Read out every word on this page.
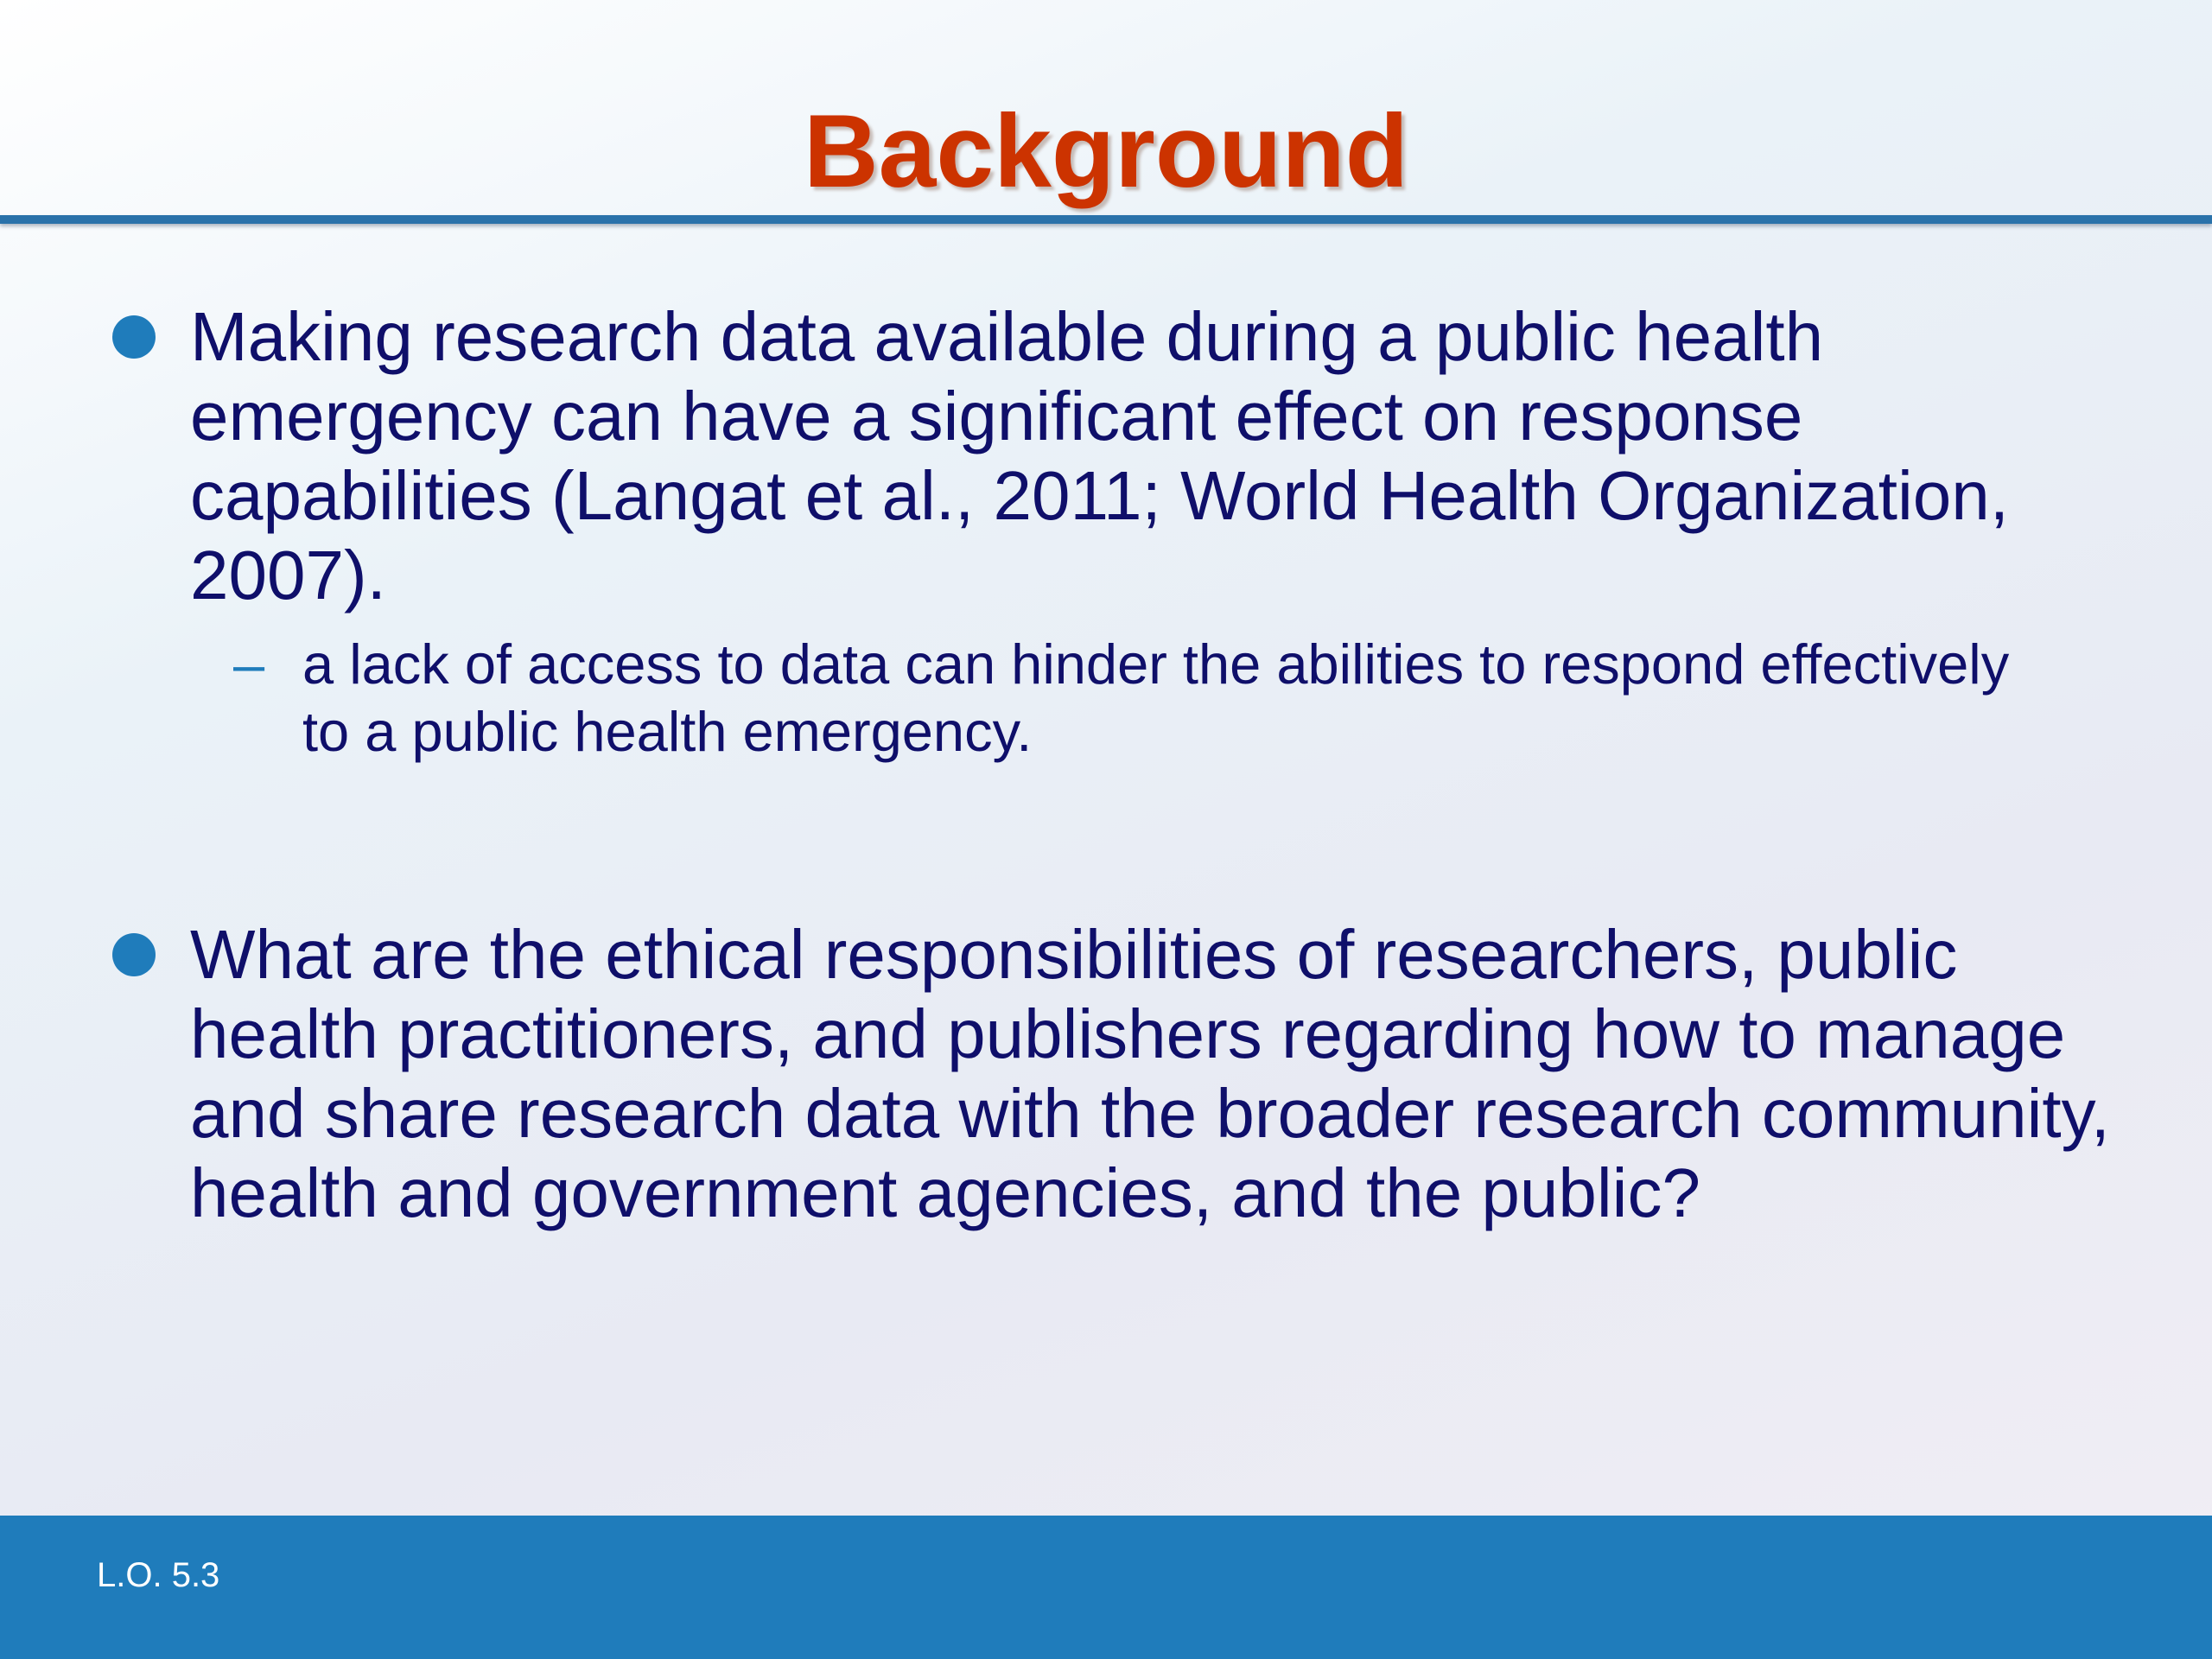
Background
Making research data available during a public health emergency can have a significant effect on response capabilities (Langat et al., 2011; World Health Organization, 2007).
– a lack of access to data can hinder the abilities to respond effectively to a public health emergency.
What are the ethical responsibilities of researchers, public health practitioners, and publishers regarding how to manage and share research data with the broader research community, health and government agencies, and the public?
L.O. 5.3
